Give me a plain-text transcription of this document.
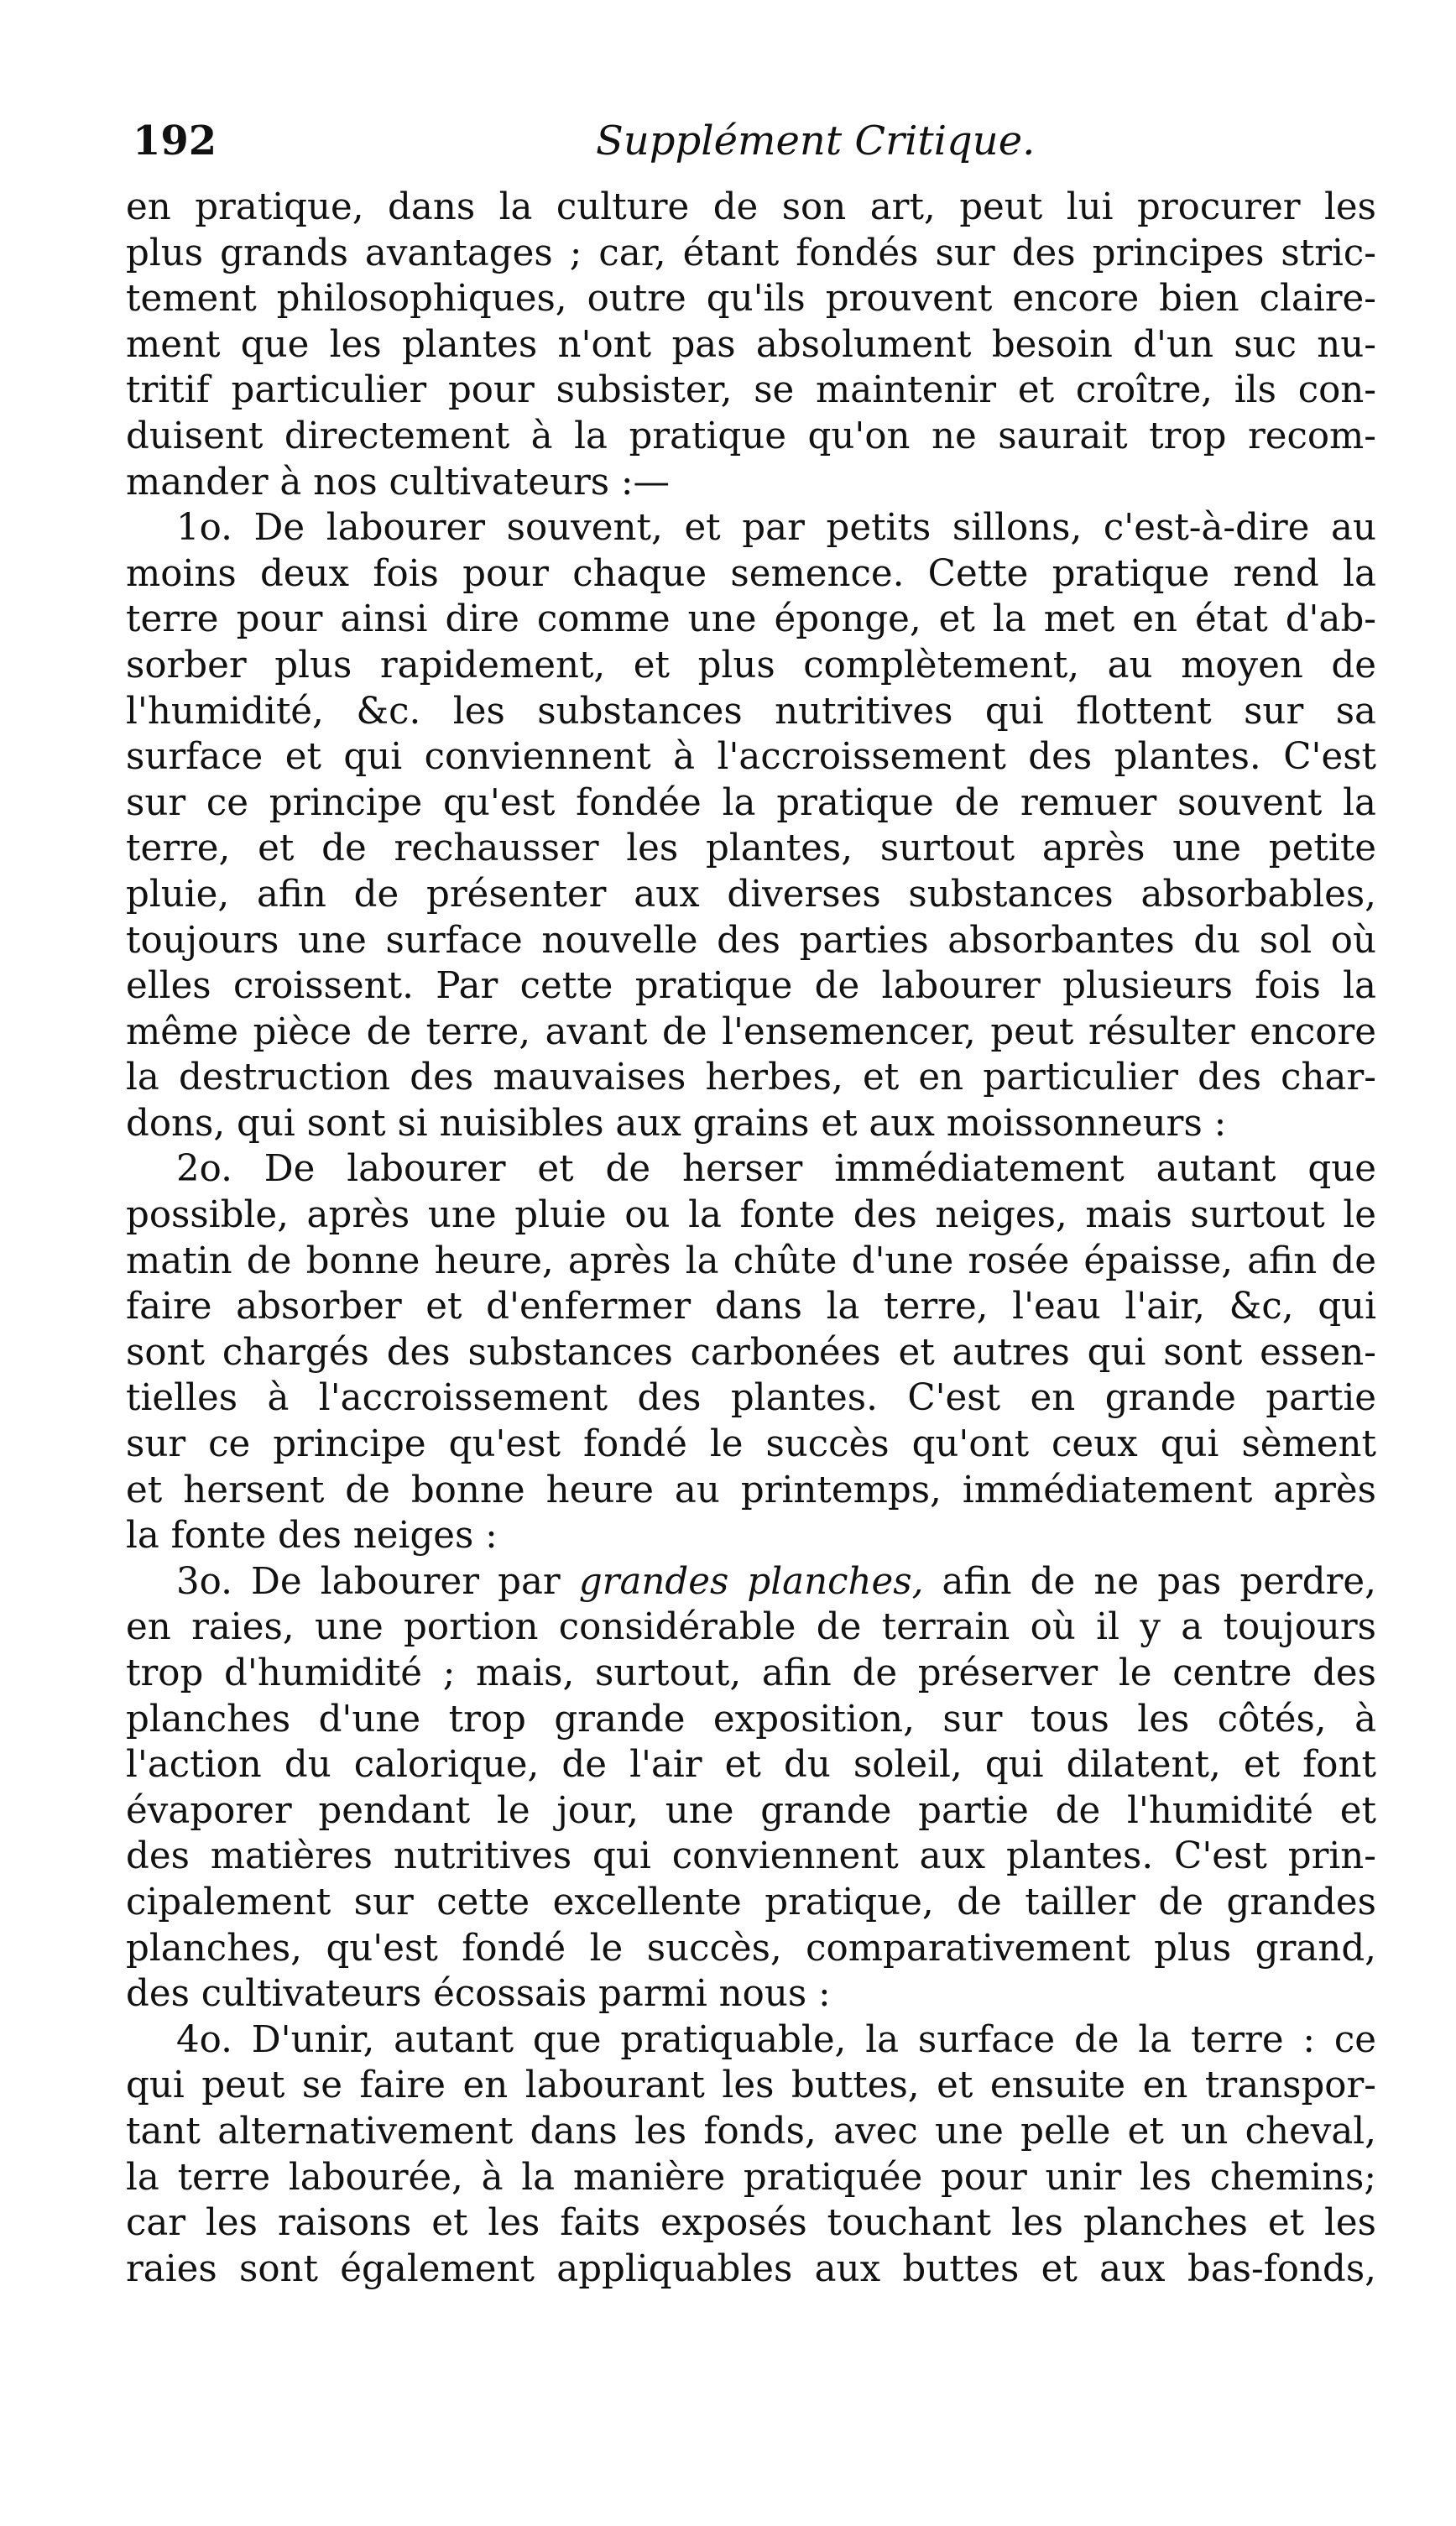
192	Supplément Critique.
en pratique, dans la culture de son art, peut lui procurer les
plus grands avantages ; car, étant fondés sur des principes stric-
tement philosophiques, outre qu'ils prouvent encore bien claire-
ment que les plantes n'ont pas absolument besoin d'un suc nu-
tritif particulier pour subsister, se maintenir et croître, ils con-
duisent directement à la pratique qu'on ne saurait trop recom-
mander à nos cultivateurs :—
1o. De labourer souvent, et par petits sillons, c'est-à-dire au
moins deux fois pour chaque semence. Cette pratique rend la
terre pour ainsi dire comme une éponge, et la met en état d'ab-
sorber plus rapidement, et plus complètement, au moyen de
l'humidité, &c. les substances nutritives qui flottent sur sa
surface et qui conviennent à l'accroissement des plantes. C'est
sur ce principe qu'est fondée la pratique de remuer souvent la
terre, et de rechausser les plantes, surtout après une petite
pluie, afin de présenter aux diverses substances absorbables,
toujours une surface nouvelle des parties absorbantes du sol où
elles croissent. Par cette pratique de labourer plusieurs fois la
même pièce de terre, avant de l'ensemencer, peut résulter encore
la destruction des mauvaises herbes, et en particulier des char-
dons, qui sont si nuisibles aux grains et aux moissonneurs :
2o. De labourer et de herser immédiatement autant que
possible, après une pluie ou la fonte des neiges, mais surtout le
matin de bonne heure, après la chûte d'une rosée épaisse, afin de
faire absorber et d'enfermer dans la terre, l'eau l'air, &c, qui
sont chargés des substances carbonées et autres qui sont essen-
tielles à l'accroissement des plantes. C'est en grande partie
sur ce principe qu'est fondé le succès qu'ont ceux qui sèment
et hersent de bonne heure au printemps, immédiatement après
la fonte des neiges :
3o. De labourer par grandes planches, afin de ne pas perdre,
en raies, une portion considérable de terrain où il y a toujours
trop d'humidité ; mais, surtout, afin de préserver le centre des
planches d'une trop grande exposition, sur tous les côtés, à
l'action du calorique, de l'air et du soleil, qui dilatent, et font
évaporer pendant le jour, une grande partie de l'humidité et
des matières nutritives qui conviennent aux plantes. C'est prin-
cipalement sur cette excellente pratique, de tailler de grandes
planches, qu'est fondé le succès, comparativement plus grand,
des cultivateurs écossais parmi nous :
4o. D'unir, autant que pratiquable, la surface de la terre : ce
qui peut se faire en labourant les buttes, et ensuite en transpor-
tant alternativement dans les fonds, avec une pelle et un cheval,
la terre labourée, à la manière pratiquée pour unir les chemins;
car les raisons et les faits exposés touchant les planches et les
raies sont également appliquables aux buttes et aux bas-fonds,
